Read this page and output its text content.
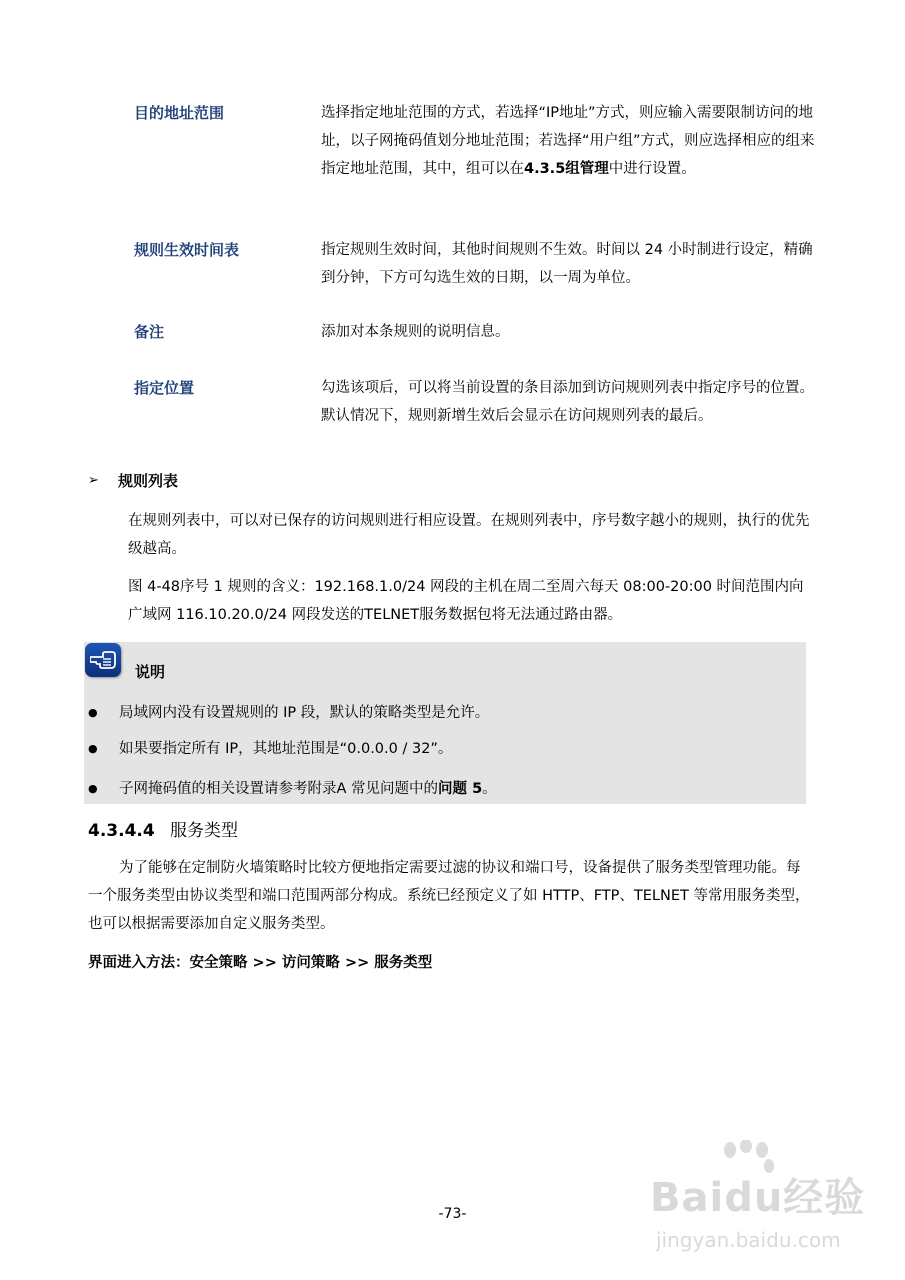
目的地址范围	选择指定地址范围的方式，若选择“IP地址”方式，则应输入需要限制访问的地址，以子网掩码值划分地址范围；若选择“用户组”方式，则应选择相应的组来指定地址范围，其中，组可以在4.3.5组管理中进行设置。
规则生效时间表	指定规则生效时间，其他时间规则不生效。时间以 24 小时制进行设定，精确到分钟，下方可勾选生效的日期，以一周为单位。
备注	添加对本条规则的说明信息。
指定位置	勾选该项后，可以将当前设置的条目添加到访问规则列表中指定序号的位置。默认情况下，规则新增生效后会显示在访问规则列表的最后。
➢ 规则列表
在规则列表中，可以对已保存的访问规则进行相应设置。在规则列表中，序号数字越小的规则，执行的优先级越高。
图 4-48序号 1 规则的含义：192.168.1.0/24 网段的主机在周二至周六每天 08:00-20:00 时间范围内向广域网 116.10.20.0/24 网段发送的TELNET服务数据包将无法通过路由器。
说明
● 局域网内没有设置规则的 IP 段，默认的策略类型是允许。
● 如果要指定所有 IP，其地址范围是“0.0.0.0 / 32”。
● 子网掩码值的相关设置请参考附录A 常见问题中的问题 5。
4.3.4.4 服务类型
为了能够在定制防火墙策略时比较方便地指定需要过滤的协议和端口号，设备提供了服务类型管理功能。每一个服务类型由协议类型和端口范围两部分构成。系统已经预定义了如 HTTP、FTP、TELNET 等常用服务类型，也可以根据需要添加自定义服务类型。
界面进入方法：安全策略 >> 访问策略 >> 服务类型
-73-	Baidu经验
jingyan.baidu.com
